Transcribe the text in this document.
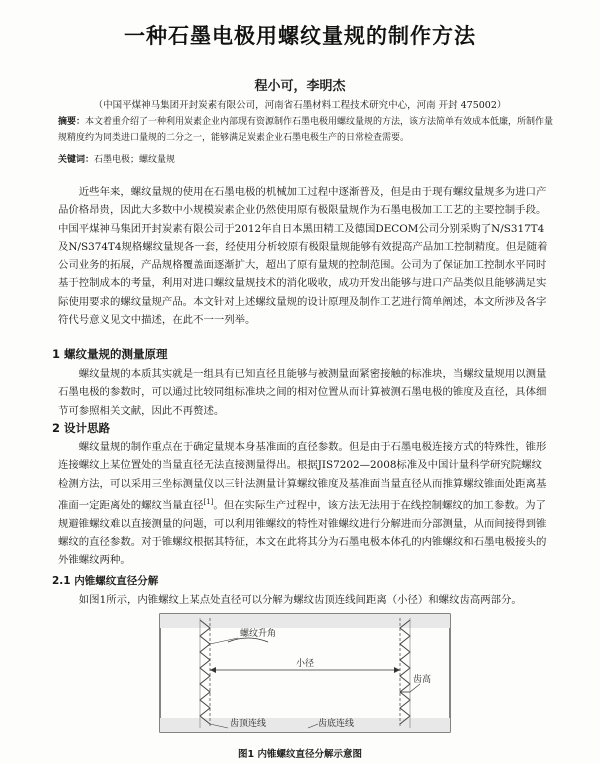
一种石墨电极用螺纹量规的制作方法
程小可，李明杰
（中国平煤神马集团开封炭素有限公司，河南省石墨材料工程技术研究中心，河南 开封 475002）
摘要：本文着重介绍了一种利用炭素企业内部现有资源制作石墨电极用螺纹量规的方法，该方法简单有效成本低廉，所制作量规精度约为同类进口量规的二分之一，能够满足炭素企业石墨电极生产的日常检查需要。
关键词：石墨电极；螺纹量规
近些年来，螺纹量规的使用在石墨电极的机械加工过程中逐渐普及，但是由于现有螺纹量规多为进口产品价格昂贵，因此大多数中小规模炭素企业仍然使用原有极限量规作为石墨电极加工工艺的主要控制手段。中国平煤神马集团开封炭素有限公司于2012年自日本黑田精工及德国DECOM公司分别采购了N/S317T4及N/S374T4规格螺纹量规各一套，经使用分析较原有极限量规能够有效提高产品加工控制精度。但是随着公司业务的拓展，产品规格覆盖面逐渐扩大，超出了原有量规的控制范围。公司为了保证加工控制水平同时基于控制成本的考量，利用对进口螺纹量规技术的消化吸收，成功开发出能够与进口产品类似且能够满足实际使用要求的螺纹量规产品。本文针对上述螺纹量规的设计原理及制作工艺进行简单阐述，本文所涉及各字符代号意义见文中描述，在此不一一列举。
1 螺纹量规的测量原理
螺纹量规的本质其实就是一组具有已知直径且能够与被测量面紧密接触的标准块，当螺纹量规用以测量石墨电极的参数时，可以通过比较同组标准块之间的相对位置从而计算被测石墨电极的锥度及直径，具体细节可参照相关文献，因此不再赘述。
2 设计思路
螺纹量规的制作重点在于确定量规本身基准面的直径参数。但是由于石墨电极连接方式的特殊性，锥形连接螺纹上某位置处的当量直径无法直接测量得出。根据JIS7202—2008标准及中国计量科学研究院螺纹检测方法，可以采用三坐标测量仪以三针法测量计算螺纹锥度及基准面当量直径从而推算螺纹锥面处距离基准面一定距离处的螺纹当量直径[1]。但在实际生产过程中，该方法无法用于在线控制螺纹的加工参数。为了规避锥螺纹难以直接测量的问题，可以利用锥螺纹的特性对锥螺纹进行分解进而分部测量，从而间接得到锥螺纹的直径参数。对于锥螺纹根据其特征，本文在此将其分为石墨电极本体孔的内锥螺纹和石墨电极接头的外锥螺纹两种。
2.1 内锥螺纹直径分解
如图1所示，内锥螺纹上某点处直径可以分解为螺纹齿顶连线间距离（小径）和螺纹齿高两部分。
螺纹升角
小径
齿高
齿顶连线	齿底连线
图1 内锥螺纹直径分解示意图
